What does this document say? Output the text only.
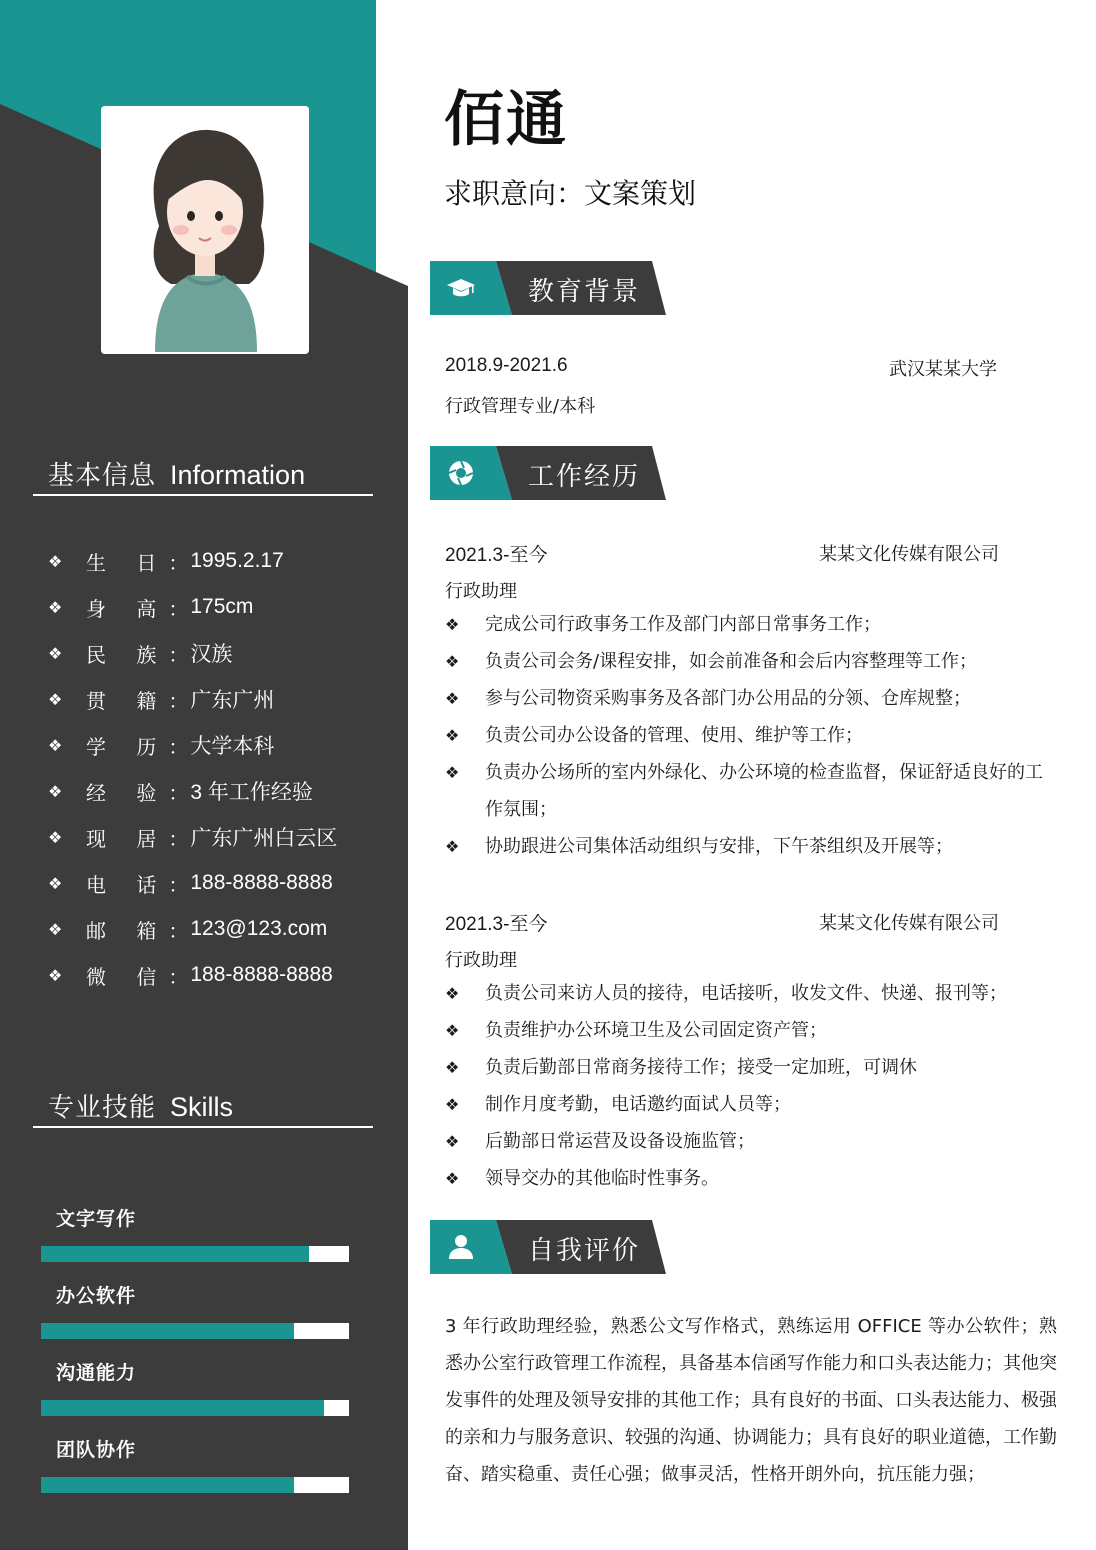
基本信息 Information
❖	生 日：
1995.2.17
❖	身 高：
175cm
❖	民 族：
汉族
❖	贯 籍：
广东广州
❖	学 历：
大学本科
❖	经 验：
3 年工作经验
❖	现 居：
广东广州白云区
❖	电 话：
188-8888-8888
❖	邮 箱：
123@123.com
❖	微 信：
188-8888-8888
专业技能 Skills
文字写作
办公软件
沟通能力
团队协作
佰通
求职意向：文案策划
教育背景
2018.9-2021.6	武汉某某大学
行政管理专业/本科
工作经历
2021.3-至今	某某文化传媒有限公司
行政助理
❖	完成公司行政事务工作及部门内部日常事务工作；
❖	负责公司会务/课程安排，如会前准备和会后内容整理等工作；
❖	参与公司物资采购事务及各部门办公用品的分领、仓库规整；
❖	负责公司办公设备的管理、使用、维护等工作；
❖	负责办公场所的室内外绿化、办公环境的检查监督，保证舒适良好的工作氛围；
❖	协助跟进公司集体活动组织与安排，下午茶组织及开展等；
2021.3-至今	某某文化传媒有限公司
行政助理
❖	负责公司来访人员的接待，电话接听，收发文件、快递、报刊等；
❖	负责维护办公环境卫生及公司固定资产管；
❖	负责后勤部日常商务接待工作；接受一定加班，可调休
❖	制作月度考勤，电话邀约面试人员等；
❖	后勤部日常运营及设备设施监管；
❖	领导交办的其他临时性事务。
自我评价
3 年行政助理经验，熟悉公文写作格式，熟练运用 OFFICE 等办公软件；熟悉办公室行政管理工作流程，具备基本信函写作能力和口头表达能力；其他突发事件的处理及领导安排的其他工作；具有良好的书面、口头表达能力、极强的亲和力与服务意识、较强的沟通、协调能力；具有良好的职业道德，工作勤奋、踏实稳重、责任心强；做事灵活，性格开朗外向，抗压能力强；
